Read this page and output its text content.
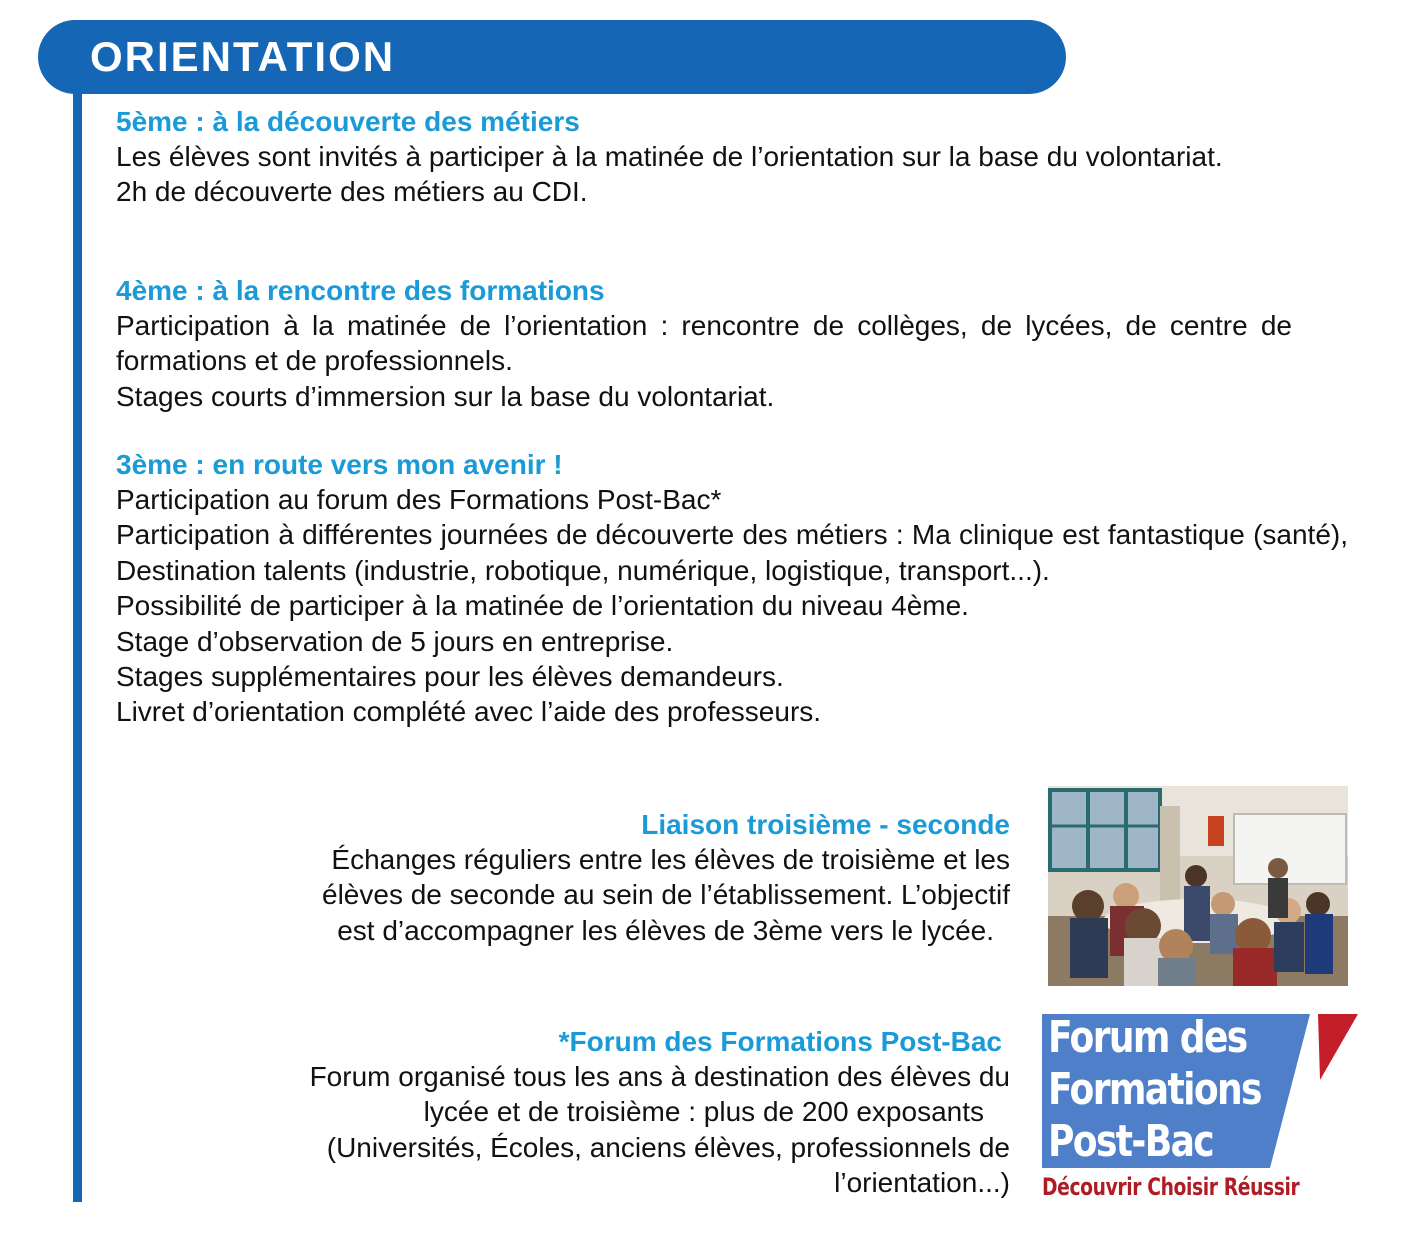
ORIENTATION
5ème : à la découverte des métiers

Les élèves sont invités à participer à la matinée de l’orientation sur la base du volontariat.

2h de découverte des métiers au CDI.

4ème : à la rencontre des formations

Participation à la matinée de l’orientation : rencontre de collèges, de lycées, de centre de formations et de professionnels.

Stages courts d’immersion sur la base du volontariat.

3ème : en route vers mon avenir !

Participation au forum des Formations Post-Bac*

Participation à différentes journées de découverte des métiers : Ma clinique est fantastique (santé), Destination talents (industrie, robotique, numérique, logistique, transport...).

Possibilité de participer à la matinée de l’orientation du niveau 4ème.

Stage d’observation de 5 jours en entreprise.

Stages supplémentaires pour les élèves demandeurs.

Livret d’orientation complété avec l’aide des professeurs.

Liaison troisième - seconde

Échanges réguliers entre les élèves de troisième et les

élèves de seconde au sein de l’établissement. L’objectif

est d’accompagner les élèves de 3ème vers le lycée.

*Forum des Formations Post-Bac

Forum organisé tous les ans à destination des élèves du

lycée et de troisième : plus de 200 exposants

(Universités, Écoles, anciens élèves, professionnels de

l’orientation...)

Forum des
Formations
Post-Bac

Découvrir Choisir Réussir
